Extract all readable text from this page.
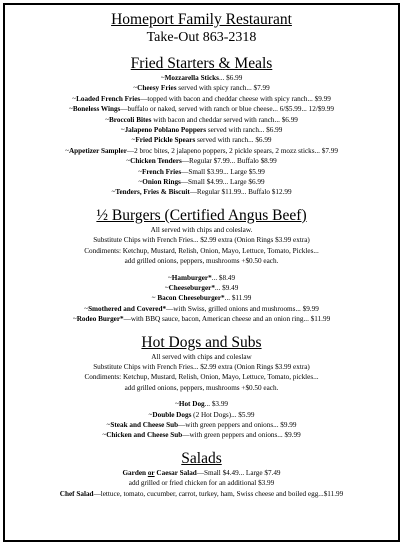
Homeport Family Restaurant
Take-Out 863-2318
Fried Starters & Meals
~Mozzarella Sticks... $6.99
~Cheesy Fries served with spicy ranch... $7.99
~Loaded French Fries—topped with bacon and cheddar cheese with spicy ranch... $9.99
~Boneless Wings—buffalo or naked, served with ranch or blue cheese... 6/$5.99... 12/$9.99
~Broccoli Bites with bacon and cheddar served with ranch... $6.99
~Jalapeno Poblano Poppers served with ranch... $6.99
~Fried Pickle Spears served with ranch... $6.99
~Appetizer Sampler—2 broc bites, 2 jalapeno poppers, 2 pickle spears, 2 mozz sticks... $7.99
~Chicken Tenders—Regular $7.99... Buffalo $8.99
~French Fries—Small $3.99... Large $5.99
~Onion Rings—Small $4.99... Large $6.99
~Tenders, Fries & Biscuit—Regular $11.99... Buffalo $12.99
½ Burgers (Certified Angus Beef)
All served with chips and coleslaw.
Substitute Chips with French Fries... $2.99 extra (Onion Rings $3.99 extra)
Condiments: Ketchup, Mustard, Relish, Onion, Mayo, Lettuce, Tomato, Pickles...
add grilled onions, peppers, mushrooms +$0.50 each.
~Hamburger*... $8.49
~Cheeseburger*... $9.49
~ Bacon Cheeseburger*... $11.99
~Smothered and Covered*—with Swiss, grilled onions and mushrooms... $9.99
~Rodeo Burger*—with BBQ sauce, bacon, American cheese and an onion ring... $11.99
Hot Dogs and Subs
All served with chips and coleslaw
Substitute Chips with French Fries... $2.99 extra (Onion Rings $3.99 extra)
Condiments: Ketchup, Mustard, Relish, Onion, Mayo, Lettuce, Tomato, pickles...
add grilled onions, peppers, mushrooms +$0.50 each.
~Hot Dog... $3.99
~Double Dogs (2 Hot Dogs)... $5.99
~Steak and Cheese Sub—with green peppers and onions... $9.99
~Chicken and Cheese Sub—with green peppers and onions... $9.99
Salads
Garden or Caesar Salad—Small $4.49... Large $7.49
add grilled or fried chicken for an additional $3.99
Chef Salad—lettuce, tomato, cucumber, carrot, turkey, ham, Swiss cheese and boiled egg...$11.99
